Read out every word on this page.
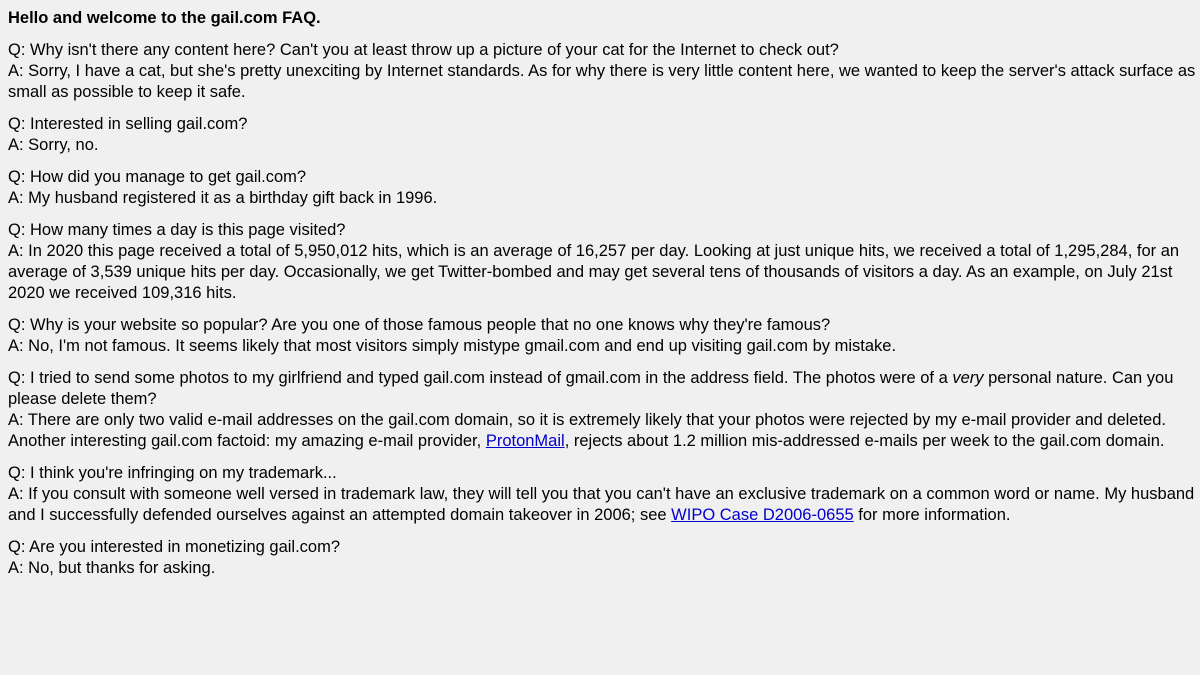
Hello and welcome to the gail.com FAQ.
Q: Why isn't there any content here? Can't you at least throw up a picture of your cat for the Internet to check out?
A: Sorry, I have a cat, but she's pretty unexciting by Internet standards. As for why there is very little content here, we wanted to keep the server's attack surface as small as possible to keep it safe.
Q: Interested in selling gail.com?
A: Sorry, no.
Q: How did you manage to get gail.com?
A: My husband registered it as a birthday gift back in 1996.
Q: How many times a day is this page visited?
A: In 2020 this page received a total of 5,950,012 hits, which is an average of 16,257 per day. Looking at just unique hits, we received a total of 1,295,284, for an average of 3,539 unique hits per day. Occasionally, we get Twitter-bombed and may get several tens of thousands of visitors a day. As an example, on July 21st 2020 we received 109,316 hits.
Q: Why is your website so popular? Are you one of those famous people that no one knows why they're famous?
A: No, I'm not famous. It seems likely that most visitors simply mistype gmail.com and end up visiting gail.com by mistake.
Q: I tried to send some photos to my girlfriend and typed gail.com instead of gmail.com in the address field. The photos were of a very personal nature. Can you please delete them?
A: There are only two valid e-mail addresses on the gail.com domain, so it is extremely likely that your photos were rejected by my e-mail provider and deleted. Another interesting gail.com factoid: my amazing e-mail provider, ProtonMail, rejects about 1.2 million mis-addressed e-mails per week to the gail.com domain.
Q: I think you're infringing on my trademark...
A: If you consult with someone well versed in trademark law, they will tell you that you can't have an exclusive trademark on a common word or name. My husband and I successfully defended ourselves against an attempted domain takeover in 2006; see WIPO Case D2006-0655 for more information.
Q: Are you interested in monetizing gail.com?
A: No, but thanks for asking.
